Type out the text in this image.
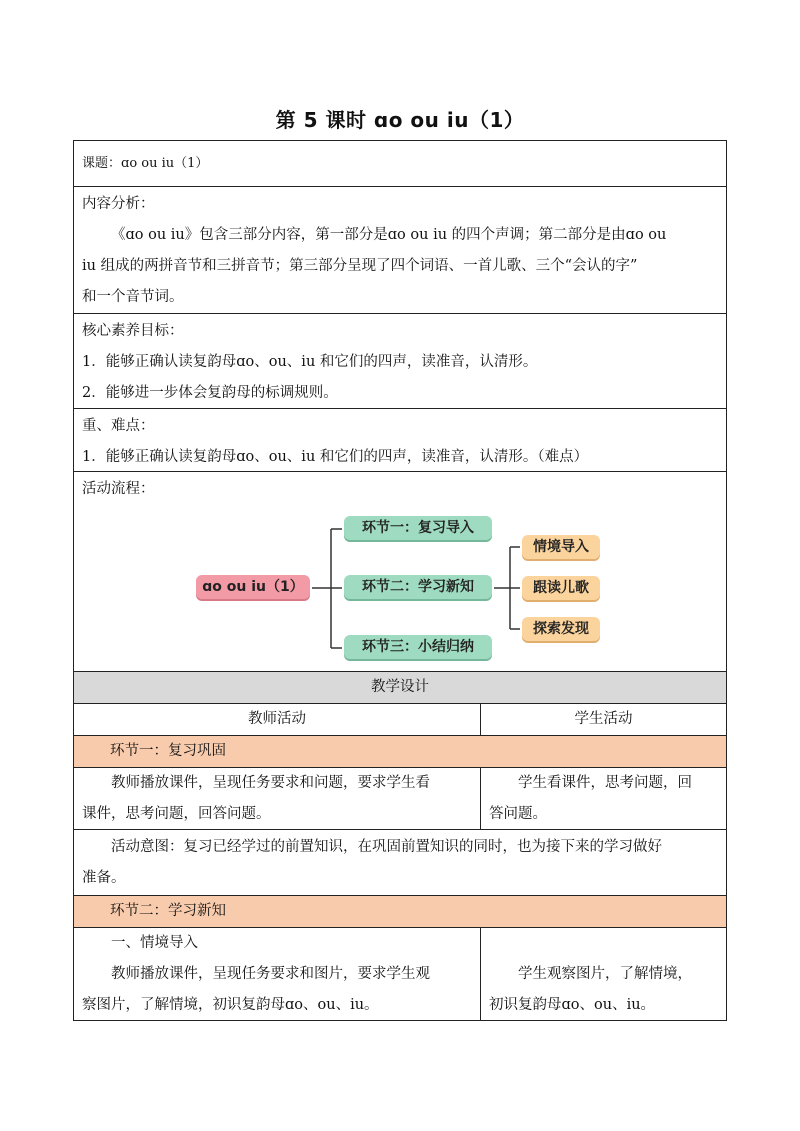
第 5 课时 ɑo ou iu（1）
课题：ɑo ou iu（1）
内容分析：
《ɑo ou iu》包含三部分内容，第一部分是ɑo ou iu 的四个声调；第二部分是由ɑo ou
iu 组成的两拼音节和三拼音节；第三部分呈现了四个词语、一首儿歌、三个“会认的字”
和一个音节词。
核心素养目标：
1．能够正确认读复韵母ɑo、ou、iu 和它们的四声，读准音，认清形。
2．能够进一步体会复韵母的标调规则。
重、难点：
1．能够正确认读复韵母ɑo、ou、iu 和它们的四声，读准音，认清形。（难点）
活动流程：
ɑo ou iu（1）
环节一：复习导入
环节二：学习新知
环节三：小结归纳
情境导入
跟读儿歌
探索发现
教学设计
教师活动	学生活动
环节一：复习巩固
教师播放课件，呈现任务要求和问题，要求学生看
课件，思考问题，回答问题。
学生看课件，思考问题，回
答问题。
活动意图：复习已经学过的前置知识，在巩固前置知识的同时，也为接下来的学习做好
准备。
环节二：学习新知
一、情境导入
教师播放课件，呈现任务要求和图片，要求学生观
察图片，了解情境，初识复韵母ɑo、ou、iu。
学生观察图片，了解情境，
初识复韵母ɑo、ou、iu。
